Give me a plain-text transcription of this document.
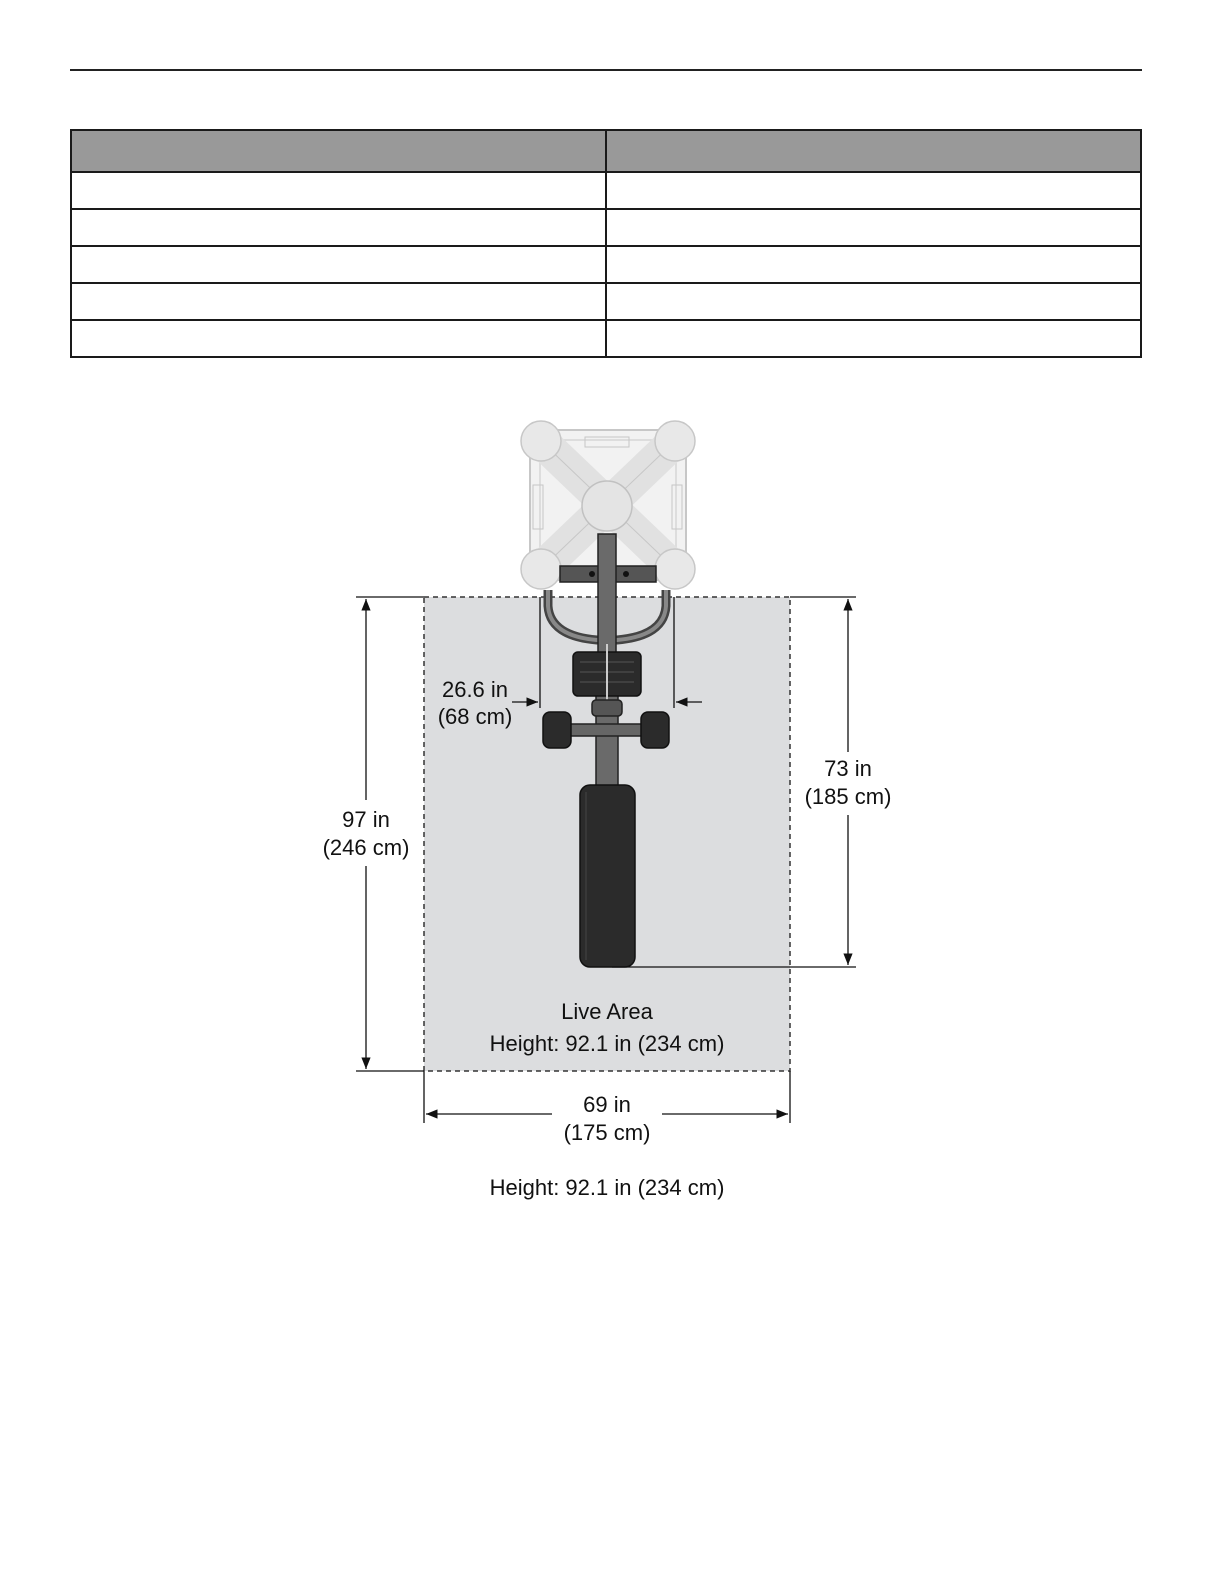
26.6 in
(68 cm)
97 in
(246 cm)
73 in
(185 cm)
Live Area
Height: 92.1 in (234 cm)
69 in
(175 cm)
Height: 92.1 in (234 cm)
